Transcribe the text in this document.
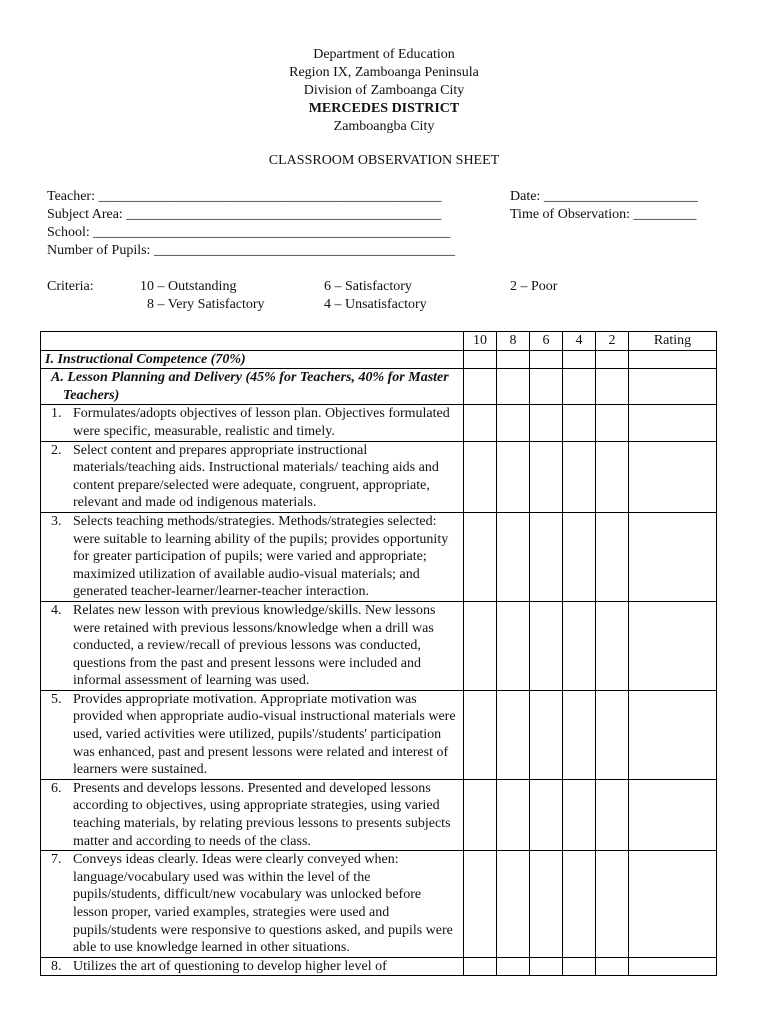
Department of Education
Region IX, Zamboanga Peninsula
Division of Zamboanga City
MERCEDES DISTRICT
Zamboangba City
CLASSROOM OBSERVATION SHEET
Teacher: _________________________________________________
Subject Area: _____________________________________________
School: ___________________________________________________
Number of Pupils: ___________________________________________
Date: ______________________
Time of Observation: _________
Criteria:	10 – Outstanding
8 – Very Satisfactory
6 – Satisfactory
4 – Unsatisfactory
2 – Poor
	10	8	6	4	2	Rating
I. Instructional Competence (70%)						
A. Lesson Planning and Delivery (45% for Teachers, 40% for Master Teachers)						

1. Formulates/adopts objectives of lesson plan. Objectives formulated were specific, measurable, realistic and timely.						

2. Select content and prepares appropriate instructional materials/teaching aids. Instructional materials/ teaching aids and content prepare/selected were adequate, congruent, appropriate, relevant and made od indigenous materials.						

3. Selects teaching methods/strategies. Methods/strategies selected: were suitable to learning ability of the pupils; provides opportunity for greater participation of pupils; were varied and appropriate; maximized utilization of available audio-visual materials; and generated teacher-learner/learner-teacher interaction.						

4. Relates new lesson with previous knowledge/skills. New lessons were retained with previous lessons/knowledge when a drill was conducted, a review/recall of previous lessons was conducted, questions from the past and present lessons were included and informal assessment of learning was used.						

5. Provides appropriate motivation. Appropriate motivation was provided when appropriate audio-visual instructional materials were used, varied activities were utilized, pupils'/students' participation was enhanced, past and present lessons were related and interest of learners were sustained.						

6. Presents and develops lessons. Presented and developed lessons according to objectives, using appropriate strategies, using varied teaching materials, by relating previous lessons to presents subjects matter and according to needs of the class.						

7. Conveys ideas clearly. Ideas were clearly conveyed when: language/vocabulary used was within the level of the pupils/students, difficult/new vocabulary was unlocked before lesson proper, varied examples, strategies were used and pupils/students were responsive to questions asked, and pupils were able to use knowledge learned in other situations.						

8. Utilizes the art of questioning to develop higher level of						
